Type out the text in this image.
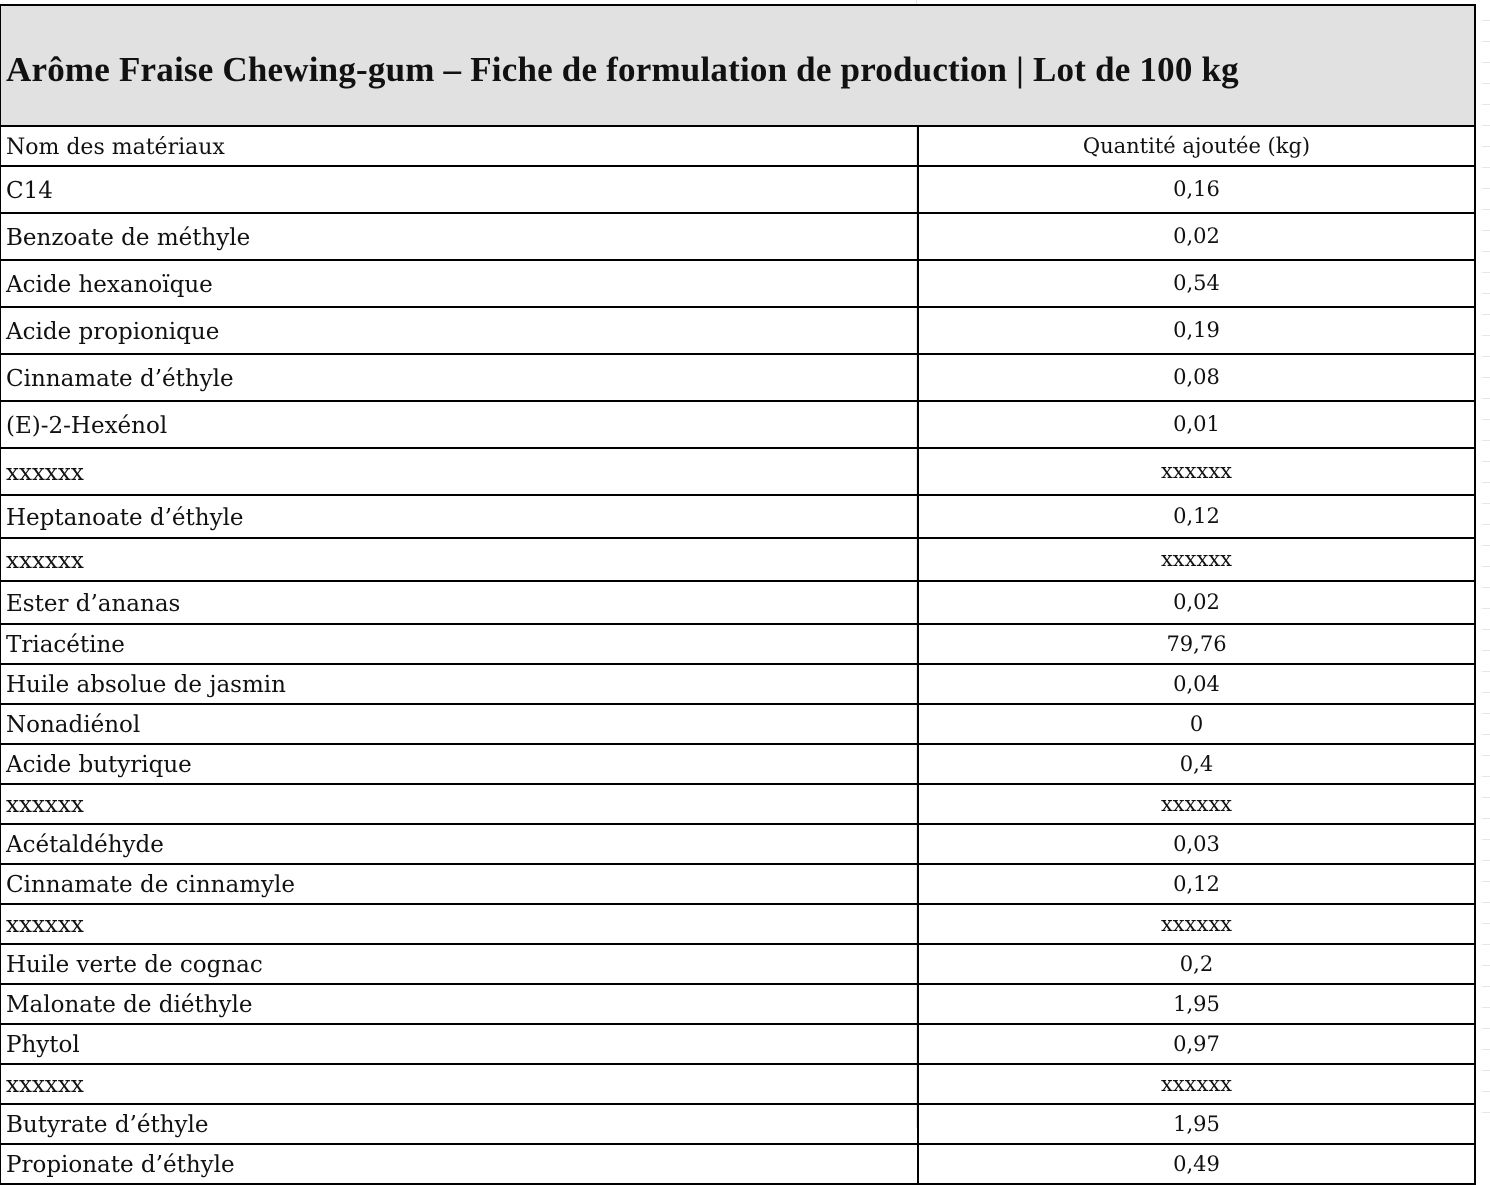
Arôme Fraise Chewing-gum – Fiche de formulation de production | Lot de 100 kg	
Nom des matériaux	Quantité ajoutée (kg)
C14	0,16
Benzoate de méthyle	0,02
Acide hexanoïque	0,54
Acide propionique	0,19
Cinnamate d’éthyle	0,08
(E)-2-Hexénol	0,01
xxxxxx	xxxxxx
Heptanoate d’éthyle	0,12
xxxxxx	xxxxxx
Ester d’ananas	0,02
Triacétine	79,76
Huile absolue de jasmin	0,04
Nonadiénol	0
Acide butyrique	0,4
xxxxxx	xxxxxx
Acétaldéhyde	0,03
Cinnamate de cinnamyle	0,12
xxxxxx	xxxxxx
Huile verte de cognac	0,2
Malonate de diéthyle	1,95
Phytol	0,97
xxxxxx	xxxxxx
Butyrate d’éthyle	1,95
Propionate d’éthyle	0,49
